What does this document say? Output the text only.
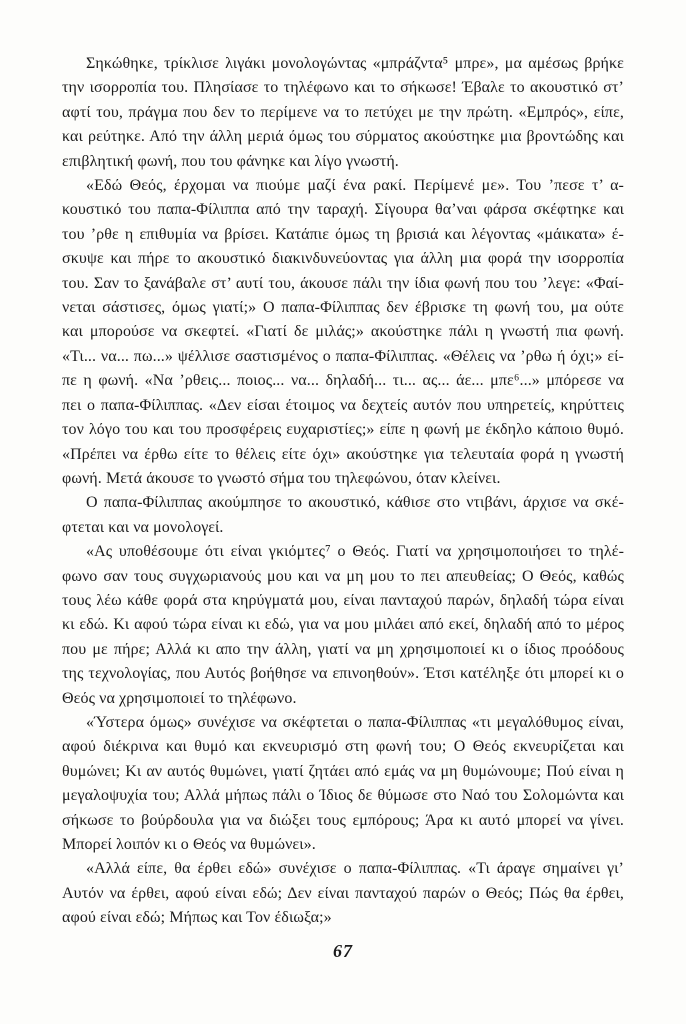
Σηκώθηκε, τρίκλισε λιγάκι μονολογώντας «μπράζντα⁵ μπρε», μα αμέσως βρήκε
την ισορροπία του. Πλησίασε το τηλέφωνο και το σήκωσε! Έβαλε το ακουστικό στ’
αφτί του, πράγμα που δεν το περίμενε να το πετύχει με την πρώτη. «Εμπρός», είπε,
και ρεύτηκε. Από την άλλη μεριά όμως του σύρματος ακούστηκε μια βροντώδης και
επιβλητική φωνή, που του φάνηκε και λίγο γνωστή.
«Εδώ Θεός, έρχομαι να πιούμε μαζί ένα ρακί. Περίμενέ με». Του ’πεσε τ’ α-
κουστικό του παπα-Φίλιππα από την ταραχή. Σίγουρα θα’ναι φάρσα σκέφτηκε και
του ’ρθε η επιθυμία να βρίσει. Κατάπιε όμως τη βρισιά και λέγοντας «μάικατα» έ-
σκυψε και πήρε το ακουστικό διακινδυνεύοντας για άλλη μια φορά την ισορροπία
του. Σαν το ξανάβαλε στ’ αυτί του, άκουσε πάλι την ίδια φωνή που του ’λεγε: «Φαί-
νεται σάστισες, όμως γιατί;» Ο παπα-Φίλιππας δεν έβρισκε τη φωνή του, μα ούτε
και μπορούσε να σκεφτεί. «Γιατί δε μιλάς;» ακούστηκε πάλι η γνωστή πια φωνή.
«Τι... να... πω...» ψέλλισε σαστισμένος ο παπα-Φίλιππας. «Θέλεις να ’ρθω ή όχι;» εί-
πε η φωνή. «Να ’ρθεις... ποιος... να... δηλαδή... τι... ας... άε... μπε⁶...» μπόρεσε να
πει ο παπα-Φίλιππας. «Δεν είσαι έτοιμος να δεχτείς αυτόν που υπηρετείς, κηρύττεις
τον λόγο του και του προσφέρεις ευχαριστίες;» είπε η φωνή με έκδηλο κάποιο θυμό.
«Πρέπει να έρθω είτε το θέλεις είτε όχι» ακούστηκε για τελευταία φορά η γνωστή
φωνή. Μετά άκουσε το γνωστό σήμα του τηλεφώνου, όταν κλείνει.
Ο παπα-Φίλιππας ακούμπησε το ακουστικό, κάθισε στο ντιβάνι, άρχισε να σκέ-
φτεται και να μονολογεί.
«Ας υποθέσουμε ότι είναι γκιόμτες⁷ ο Θεός. Γιατί να χρησιμοποιήσει το τηλέ-
φωνο σαν τους συγχωριανούς μου και να μη μου το πει απευθείας; Ο Θεός, καθώς
τους λέω κάθε φορά στα κηρύγματά μου, είναι πανταχού παρών, δηλαδή τώρα είναι
κι εδώ. Κι αφού τώρα είναι κι εδώ, για να μου μιλάει από εκεί, δηλαδή από το μέρος
που με πήρε; Αλλά κι απο την άλλη, γιατί να μη χρησιμοποιεί κι ο ίδιος προόδους
της τεχνολογίας, που Αυτός βοήθησε να επινοηθούν». Έτσι κατέληξε ότι μπορεί κι ο
Θεός να χρησιμοποιεί το τηλέφωνο.
«Ύστερα όμως» συνέχισε να σκέφτεται ο παπα-Φίλιππας «τι μεγαλόθυμος είναι,
αφού διέκρινα και θυμό και εκνευρισμό στη φωνή του; Ο Θεός εκνευρίζεται και
θυμώνει; Κι αν αυτός θυμώνει, γιατί ζητάει από εμάς να μη θυμώνουμε; Πού είναι η
μεγαλοψυχία του; Αλλά μήπως πάλι ο Ίδιος δε θύμωσε στο Ναό του Σολομώντα και
σήκωσε το βούρδουλα για να διώξει τους εμπόρους; Άρα κι αυτό μπορεί να γίνει.
Μπορεί λοιπόν κι ο Θεός να θυμώνει».
«Αλλά είπε, θα έρθει εδώ» συνέχισε ο παπα-Φίλιππας. «Τι άραγε σημαίνει γι’
Αυτόν να έρθει, αφού είναι εδώ; Δεν είναι πανταχού παρών ο Θεός; Πώς θα έρθει,
αφού είναι εδώ; Μήπως και Τον έδιωξα;»
67
